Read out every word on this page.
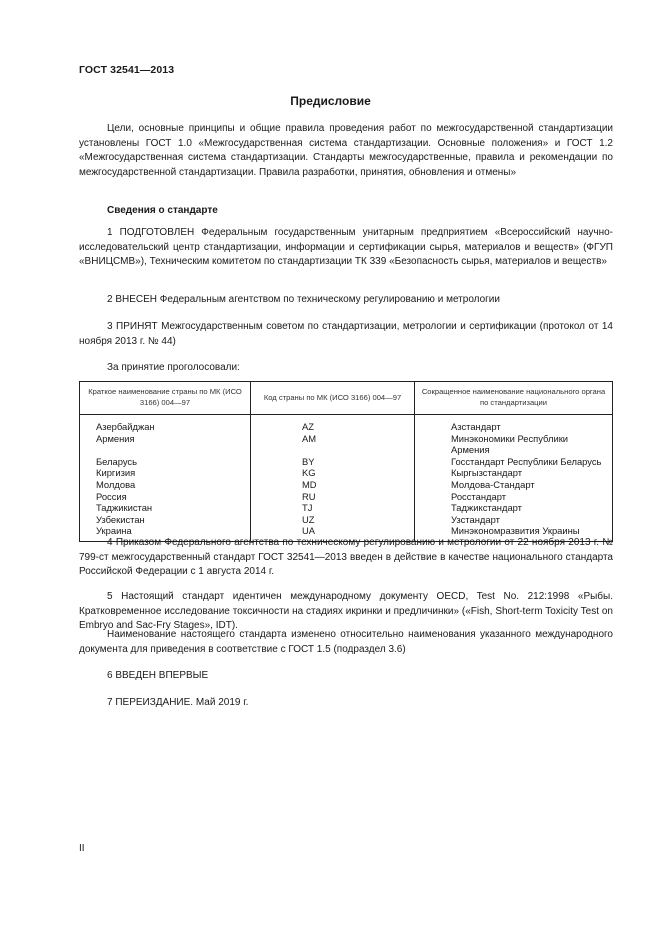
ГОСТ 32541—2013
Предисловие
Цели, основные принципы и общие правила проведения работ по межгосударственной стандартизации установлены ГОСТ 1.0 «Межгосударственная система стандартизации. Основные положения» и ГОСТ 1.2 «Межгосударственная система стандартизации. Стандарты межгосударственные, правила и рекомендации по межгосударственной стандартизации. Правила разработки, принятия, обновления и отмены»
Сведения о стандарте
1 ПОДГОТОВЛЕН Федеральным государственным унитарным предприятием «Всероссийский научно-исследовательский центр стандартизации, информации и сертификации сырья, материалов и веществ» (ФГУП «ВНИЦСМВ»), Техническим комитетом по стандартизации ТК 339 «Безопасность сырья, материалов и веществ»
2 ВНЕСЕН Федеральным агентством по техническому регулированию и метрологии
3 ПРИНЯТ Межгосударственным советом по стандартизации, метрологии и сертификации (протокол от 14 ноября 2013 г. № 44)
За принятие проголосовали:
Краткое наименование страны по МК (ИСО 3166) 004—97	Код страны по МК (ИСО 3166) 004—97	Сокращенное наименование национального органа по стандартизации
Азербайджан	AZ	Азстандарт
Армения	AM	Минэкономики Республики Армения
Беларусь	BY	Госстандарт Республики Беларусь
Киргизия	KG	Кыргызстандарт
Молдова	MD	Молдова-Стандарт
Россия	RU	Росстандарт
Таджикистан	TJ	Таджикстандарт
Узбекистан	UZ	Узстандарт
Украина	UA	Минэкономразвития Украины
4 Приказом Федерального агентства по техническому регулированию и метрологии от 22 ноября 2013 г. № 799-ст межгосударственный стандарт ГОСТ 32541—2013 введен в действие в качестве национального стандарта Российской Федерации с 1 августа 2014 г.
5 Настоящий стандарт идентичен международному документу OECD, Test No. 212:1998 «Рыбы. Кратковременное исследование токсичности на стадиях икринки и предличинки» («Fish, Short-term Toxicity Test on Embryo and Sac-Fry Stages», IDT).
Наименование настоящего стандарта изменено относительно наименования указанного международного документа для приведения в соответствие с ГОСТ 1.5 (подраздел 3.6)
6 ВВЕДЕН ВПЕРВЫЕ
7 ПЕРЕИЗДАНИЕ. Май 2019 г.
II
